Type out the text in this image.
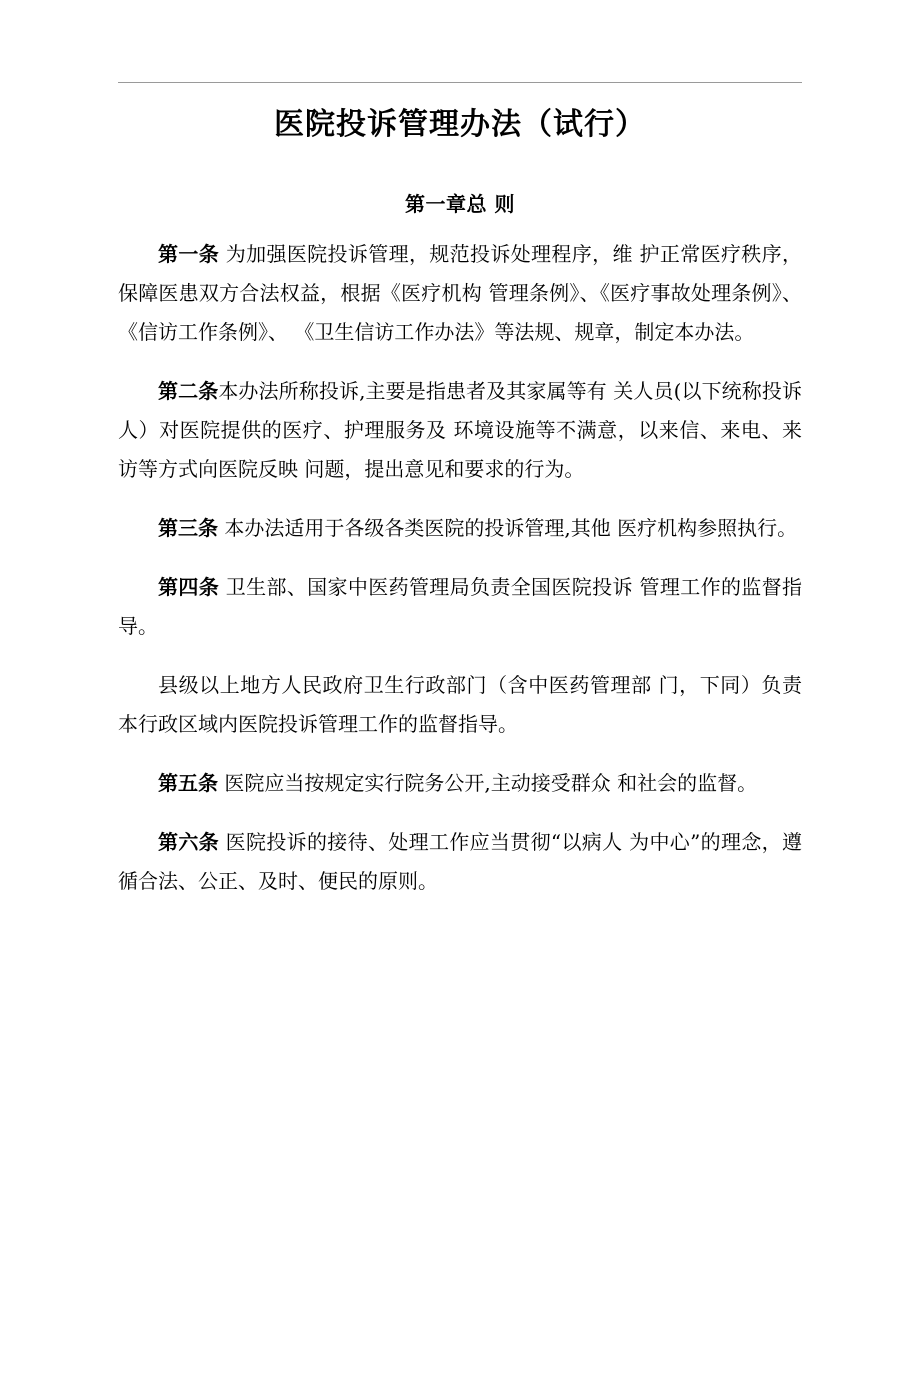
医院投诉管理办法（试行）
第一章总 则

第一条 为加强医院投诉管理，规范投诉处理程序，维 护正常医疗秩序，保障医患双方合法权益，根据《医疗机构 管理条例》、《医疗事故处理条例》、《信访工作条例》、 《卫生信访工作办法》等法规、规章，制定本办法。

第二条本办法所称投诉,主要是指患者及其家属等有 关人员(以下统称投诉人）对医院提供的医疗、护理服务及 环境设施等不满意，以来信、来电、来访等方式向医院反映 问题，提出意见和要求的行为。

第三条 本办法适用于各级各类医院的投诉管理,其他 医疗机构参照执行。

第四条 卫生部、国家中医药管理局负责全国医院投诉 管理工作的监督指导。

县级以上地方人民政府卫生行政部门（含中医药管理部 门，下同）负责本行政区域内医院投诉管理工作的监督指导。

第五条 医院应当按规定实行院务公开,主动接受群众 和社会的监督。

第六条 医院投诉的接待、处理工作应当贯彻“以病人 为中心”的理念，遵循合法、公正、及时、便民的原则。
